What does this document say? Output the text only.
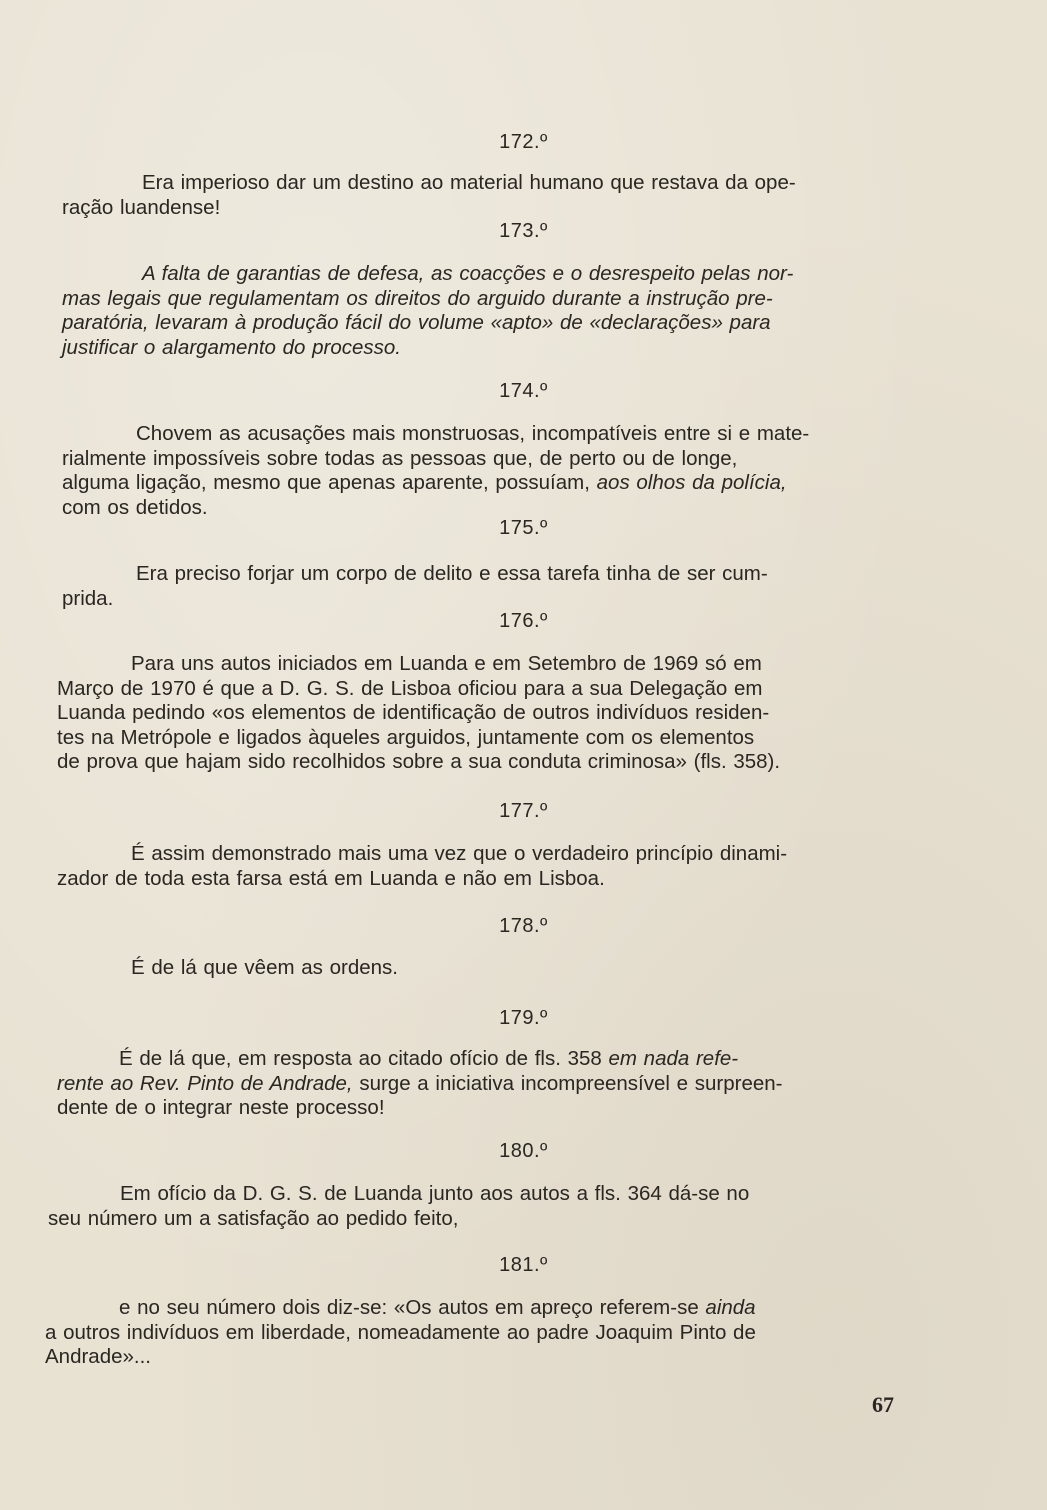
172.º
Era imperioso dar um destino ao material humano que restava da ope-
ração luandense!
173.º
A falta de garantias de defesa, as coacções e o desrespeito pelas nor-
mas legais que regulamentam os direitos do arguido durante a instrução pre-
paratória, levaram à produção fácil do volume «apto» de «declarações» para
justificar o alargamento do processo.
174.º
Chovem as acusações mais monstruosas, incompatíveis entre si e mate-
rialmente impossíveis sobre todas as pessoas que, de perto ou de longe,
alguma ligação, mesmo que apenas aparente, possuíam, aos olhos da polícia,
com os detidos.
175.º
Era preciso forjar um corpo de delito e essa tarefa tinha de ser cum-
prida.
176.º
Para uns autos iniciados em Luanda e em Setembro de 1969 só em
Março de 1970 é que a D. G. S. de Lisboa oficiou para a sua Delegação em
Luanda pedindo «os elementos de identificação de outros indivíduos residen-
tes na Metrópole e ligados àqueles arguidos, juntamente com os elementos
de prova que hajam sido recolhidos sobre a sua conduta criminosa» (fls. 358).
177.º
É assim demonstrado mais uma vez que o verdadeiro princípio dinami-
zador de toda esta farsa está em Luanda e não em Lisboa.
178.º
É de lá que vêem as ordens.
179.º
É de lá que, em resposta ao citado ofício de fls. 358 em nada refe-
rente ao Rev. Pinto de Andrade, surge a iniciativa incompreensível e surpreen-
dente de o integrar neste processo!
180.º
Em ofício da D. G. S. de Luanda junto aos autos a fls. 364 dá-se no
seu número um a satisfação ao pedido feito,
181.º
e no seu número dois diz-se: «Os autos em apreço referem-se ainda
a outros indivíduos em liberdade, nomeadamente ao padre Joaquim Pinto de
Andrade»...
67
